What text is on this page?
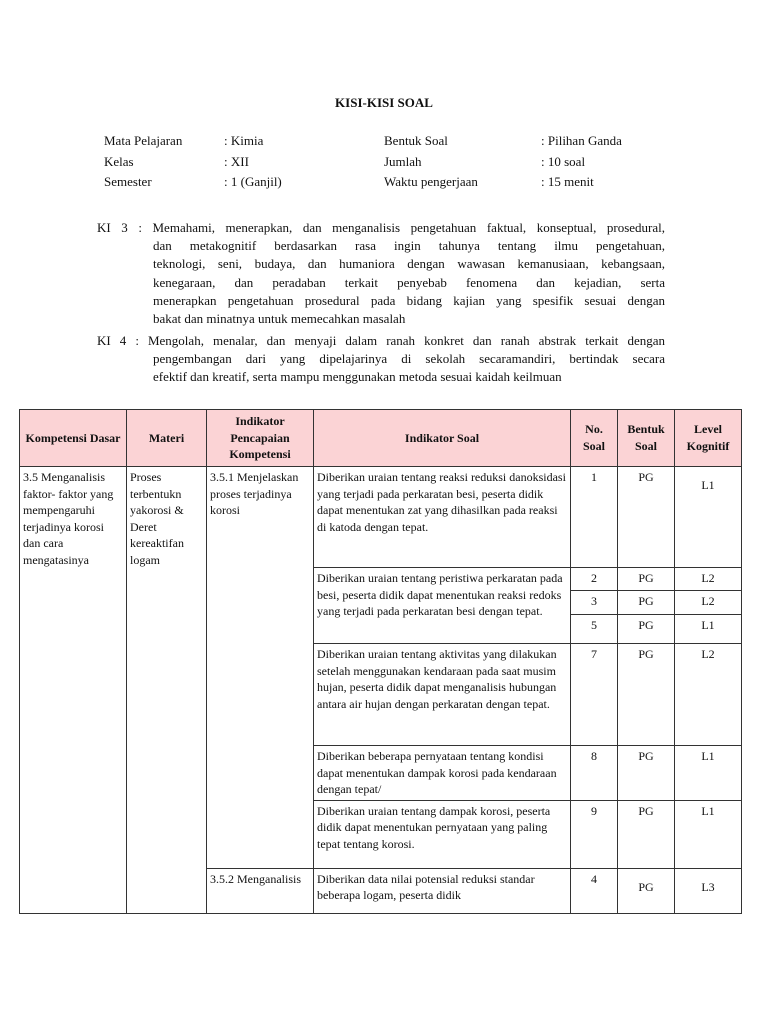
KISI-KISI SOAL
Mata Pelajaran	: Kimia
Kelas	: XII
Semester	: 1 (Ganjil)
Bentuk Soal	: Pilihan Ganda
Jumlah	: 10 soal
Waktu pengerjaan	: 15 menit
KI 3 : Memahami, menerapkan, dan menganalisis pengetahuan faktual, konseptual, prosedural,
dan metakognitif berdasarkan rasa ingin tahunya tentang ilmu pengetahuan,
teknologi, seni, budaya, dan humaniora dengan wawasan kemanusiaan, kebangsaan,
kenegaraan, dan peradaban terkait penyebab fenomena dan kejadian, serta
menerapkan pengetahuan prosedural pada bidang kajian yang spesifik sesuai dengan
bakat dan minatnya untuk memecahkan masalah
KI 4 : Mengolah, menalar, dan menyaji dalam ranah konkret dan ranah abstrak terkait dengan
pengembangan dari yang dipelajarinya di sekolah secaramandiri, bertindak secara
efektif dan kreatif, serta mampu menggunakan metoda sesuai kaidah keilmuan
Kompetensi Dasar	Materi	Indikator Pencapaian Kompetensi	Indikator Soal	No. Soal	Bentuk Soal	Level Kognitif
3.5 Menganalisis faktor- faktor yang mempengaruhi terjadinya korosi dan cara mengatasinya	Proses terbentukn yakorosi & Deret kereaktifan logam	3.5.1 Menjelaskan proses terjadinya korosi	Diberikan uraian tentang reaksi reduksi danoksidasi yang terjadi pada perkaratan besi, peserta didik dapat menentukan zat yang dihasilkan pada reaksi di katoda dengan tepat.	1	PG	L1
			Diberikan uraian tentang peristiwa perkaratan pada besi, peserta didik dapat menentukan reaksi redoks yang terjadi pada perkaratan besi dengan tepat.	2	PG	L2
				3	PG	L2
				5	PG	L1
			Diberikan uraian tentang aktivitas yang dilakukan setelah menggunakan kendaraan pada saat musim hujan, peserta didik dapat menganalisis hubungan antara air hujan dengan perkaratan dengan tepat.	7	PG	L2
			Diberikan beberapa pernyataan tentang kondisi dapat menentukan dampak korosi pada kendaraan dengan tepat/	8	PG	L1
			Diberikan uraian tentang dampak korosi, peserta didik dapat menentukan pernyataan yang paling tepat tentang korosi.	9	PG	L1
		3.5.2 Menganalisis	Diberikan data nilai potensial reduksi standar beberapa logam, peserta didik	4	PG	L3
